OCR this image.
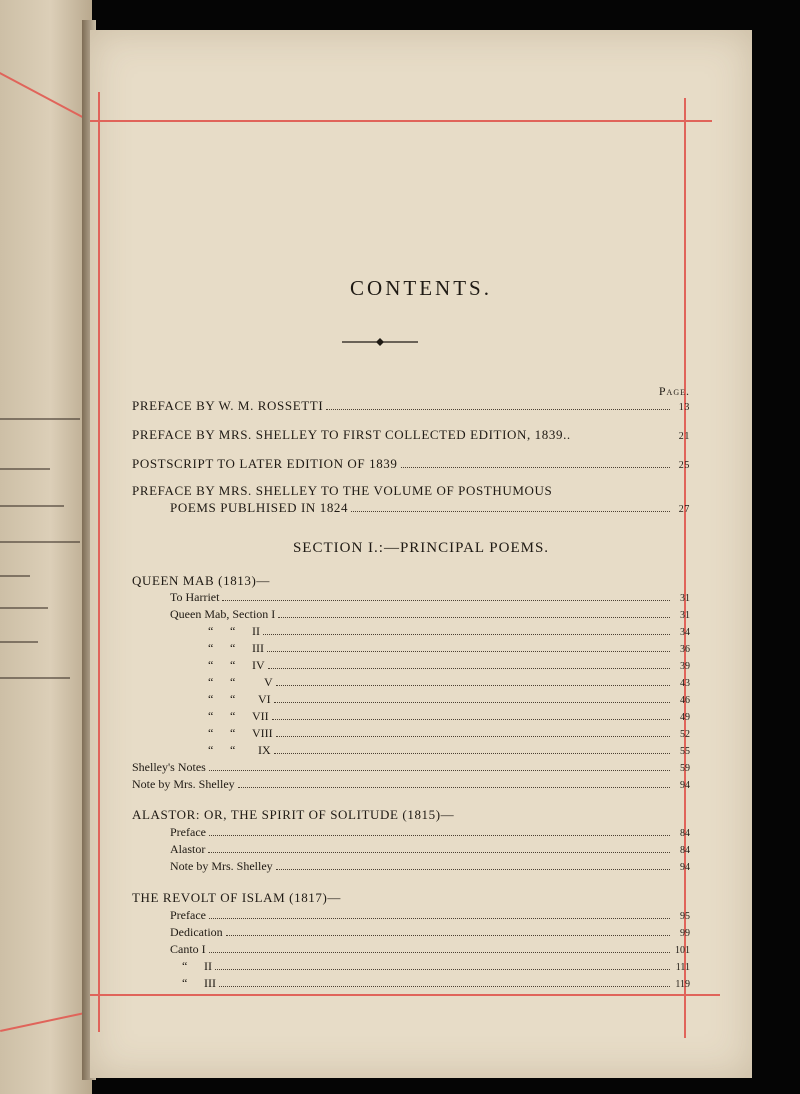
CONTENTS.
Page.
PREFACE BY W. M. ROSSETTI	13
PREFACE BY MRS. SHELLEY TO FIRST COLLECTED EDITION, 1839..	21
POSTSCRIPT TO LATER EDITION OF 1839	25
PREFACE BY MRS. SHELLEY TO THE VOLUME OF POSTHUMOUS
POEMS PUBLHISED IN 1824	27
SECTION I.:—PRINCIPAL POEMS.
QUEEN MAB (1813)—
To Harriet	31
Queen Mab, Section I	31
“	“	II	34
“	“	III	36
“	“	IV	39
“	“	V	43
“	“	VI	46
“	“	VII	49
“	“	VIII	52
“	“	IX	55
Shelley's Notes	59
Note by Mrs. Shelley	94
ALASTOR: OR, THE SPIRIT OF SOLITUDE (1815)—
Preface	84
Alastor	84
Note by Mrs. Shelley	94
THE REVOLT OF ISLAM (1817)—
Preface	95
Dedication	99
Canto I	101
“	II	111
“	III	119
